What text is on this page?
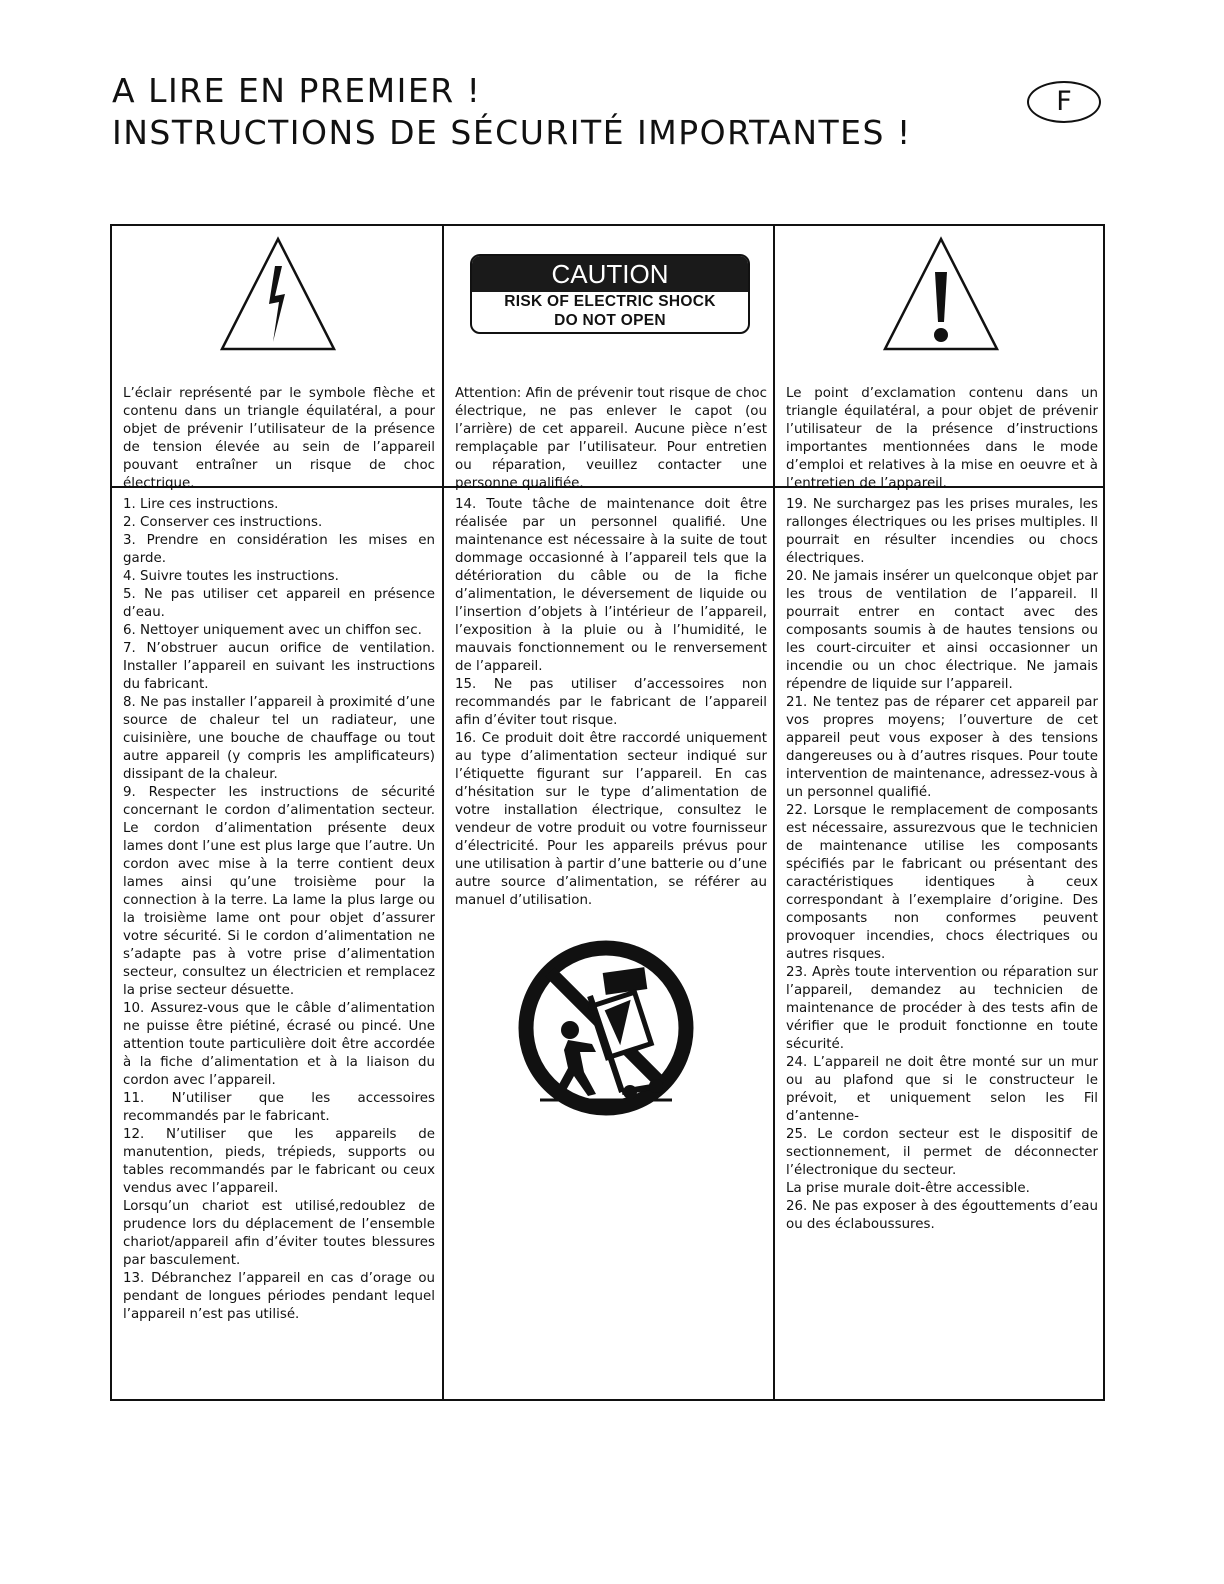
A LIRE EN PREMIER !
INSTRUCTIONS DE SÉCURITÉ IMPORTANTES !
F
CAUTION
RISK OF ELECTRIC SHOCK
DO NOT OPEN

L’éclair représenté par le symbole flèche et contenu dans un triangle équilatéral, a pour objet de prévenir l’utilisateur de la présence de tension élevée au sein de l’appareil pouvant entraîner un risque de choc électrique.

Attention: Afin de prévenir tout risque de choc électrique, ne pas enlever le capot (ou l’arrière) de cet appareil. Aucune pièce n’est remplaçable par l’utilisateur. Pour entretien ou réparation, veuillez contacter une personne qualifiée.

Le point d’exclamation contenu dans un triangle équilatéral, a pour objet de prévenir l’utilisateur de la présence d’instructions importantes mentionnées dans le mode d’emploi et relatives à la mise en oeuvre et à l’entretien de l’appareil.

1. Lire ces instructions.

2. Conserver ces instructions.

3. Prendre en considération les mises en garde.

4. Suivre toutes les instructions.

5. Ne pas utiliser cet appareil en présence d’eau.

6. Nettoyer uniquement avec un chiffon sec.

7. N’obstruer aucun orifice de ventilation. Installer l’appareil en suivant les instructions du fabricant.

8. Ne pas installer l’appareil à proximité d’une source de chaleur tel un radiateur, une cuisinière, une bouche de chauffage ou tout autre appareil (y compris les amplificateurs) dissipant de la chaleur.

9. Respecter les instructions de sécurité concernant le cordon d’alimentation secteur. Le cordon d’alimentation présente deux lames dont l’une est plus large que l’autre. Un cordon avec mise à la terre contient deux lames ainsi qu’une troisième pour la connection à la terre. La lame la plus large ou la troisième lame ont pour objet d’assurer votre sécurité. Si le cordon d’alimentation ne s’adapte pas à votre prise d’alimentation secteur, consultez un électricien et remplacez la prise secteur désuette.

10. Assurez-vous que le câble d’alimentation ne puisse être piétiné, écrasé ou pincé. Une attention toute particulière doit être accordée à la fiche d’alimentation et à la liaison du cordon avec l’appareil.

11. N’utiliser que les accessoires recommandés par le fabricant.

12. N’utiliser que les appareils de manutention, pieds, trépieds, supports ou tables recommandés par le fabricant ou ceux vendus avec l’appareil.

Lorsqu’un chariot est utilisé,redoublez de prudence lors du déplacement de l’ensemble chariot/appareil afin d’éviter toutes blessures par basculement.

13. Débranchez l’appareil en cas d’orage ou pendant de longues périodes pendant lequel l’appareil n’est pas utilisé.

14. Toute tâche de maintenance doit être réalisée par un personnel qualifié. Une maintenance est nécessaire à la suite de tout dommage occasionné à l’appareil tels que la détérioration du câble ou de la fiche d’alimentation, le déversement de liquide ou l’insertion d’objets à l’intérieur de l’appareil, l’exposition à la pluie ou à l’humidité, le mauvais fonctionnement ou le renversement de l’appareil.

15. Ne pas utiliser d’accessoires non recommandés par le fabricant de l’appareil afin d’éviter tout risque.

16. Ce produit doit être raccordé uniquement au type d’alimentation secteur indiqué sur l’étiquette figurant sur l’appareil. En cas d’hésitation sur le type d’alimentation de votre installation électrique, consultez le vendeur de votre produit ou votre fournisseur d’électricité. Pour les appareils prévus pour une utilisation à partir d’une batterie ou d’une autre source d’alimentation, se référer au manuel d’utilisation.

19. Ne surchargez pas les prises murales, les rallonges électriques ou les prises multiples. Il pourrait en résulter incendies ou chocs électriques.

20. Ne jamais insérer un quelconque objet par les trous de ventilation de l’appareil. Il pourrait entrer en contact avec des composants soumis à de hautes tensions ou les court-circuiter et ainsi occasionner un incendie ou un choc électrique. Ne jamais répendre de liquide sur l’appareil.

21. Ne tentez pas de réparer cet appareil par vos propres moyens; l’ouverture de cet appareil peut vous exposer à des tensions dangereuses ou à d’autres risques. Pour toute intervention de maintenance, adressez-vous à un personnel qualifié.

22. Lorsque le remplacement de composants est nécessaire, assurezvous que le technicien de maintenance utilise les composants spécifiés par le fabricant ou présentant des caractéristiques identiques à ceux correspondant à l’exemplaire d’origine. Des composants non conformes peuvent provoquer incendies, chocs électriques ou autres risques.

23. Après toute intervention ou réparation sur l’appareil, demandez au technicien de maintenance de procéder à des tests afin de vérifier que le produit fonctionne en toute sécurité.

24. L’appareil ne doit être monté sur un mur ou au plafond que si le constructeur le prévoit, et uniquement selon les Fil d’antenne-

25. Le cordon secteur est le dispositif de sectionnement, il permet de déconnecter l’électronique du secteur.

La prise murale doit-être accessible.

26. Ne pas exposer à des égouttements d’eau ou des éclaboussures.
